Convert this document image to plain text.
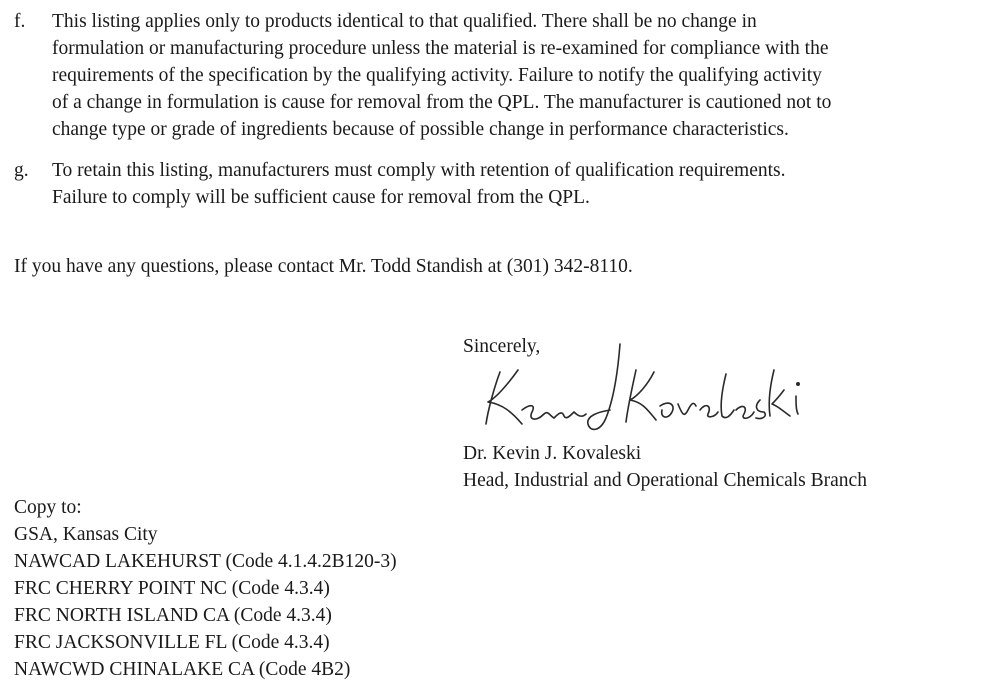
f. This listing applies only to products identical to that qualified. There shall be no change in
formulation or manufacturing procedure unless the material is re-examined for compliance with the
requirements of the specification by the qualifying activity. Failure to notify the qualifying activity
of a change in formulation is cause for removal from the QPL. The manufacturer is cautioned not to
change type or grade of ingredients because of possible change in performance characteristics.
g. To retain this listing, manufacturers must comply with retention of qualification requirements.
Failure to comply will be sufficient cause for removal from the QPL.
If you have any questions, please contact Mr. Todd Standish at (301) 342-8110.
Sincerely,
Dr. Kevin J. Kovaleski
Head, Industrial and Operational Chemicals Branch
Copy to:
GSA, Kansas City
NAWCAD LAKEHURST (Code 4.1.4.2B120-3)
FRC CHERRY POINT NC (Code 4.3.4)
FRC NORTH ISLAND CA (Code 4.3.4)
FRC JACKSONVILLE FL (Code 4.3.4)
NAWCWD CHINALAKE CA (Code 4B2)
